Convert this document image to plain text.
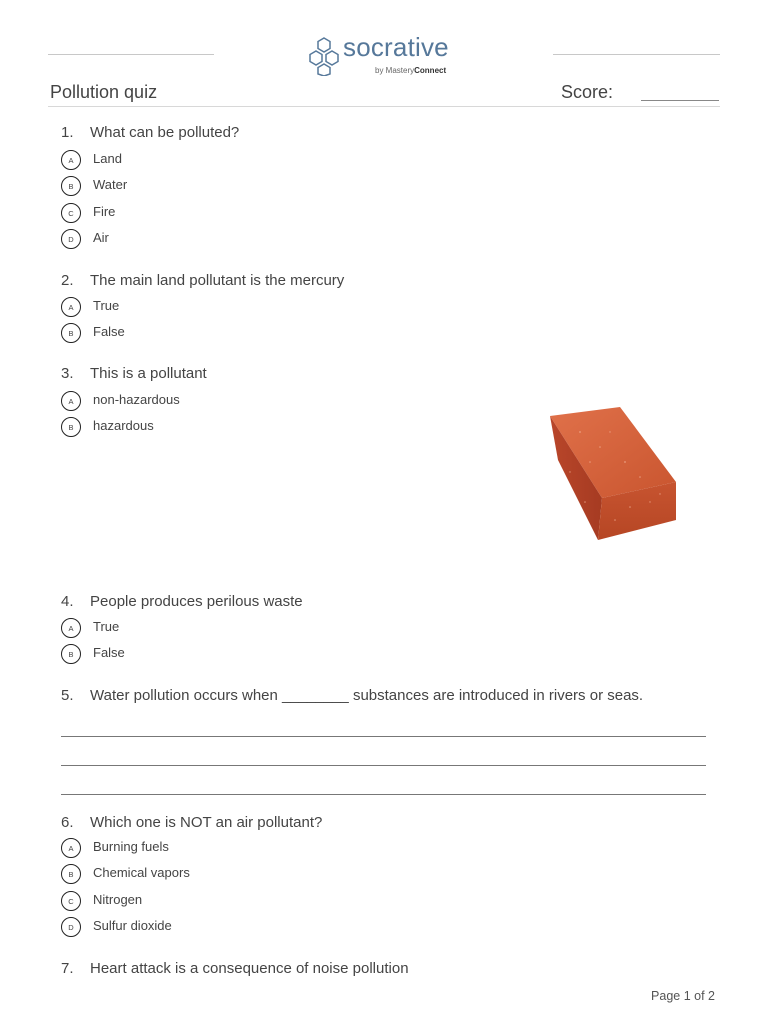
socrative
by MasteryConnect
Pollution quiz	Score:
1. What can be polluted?
A	Land
B	Water
C	Fire
D	Air
2. The main land pollutant is the mercury
A	True
B	False
3. This is a pollutant
A	non-hazardous
B	hazardous
4. People produces perilous waste
A	True
B	False
5. Water pollution occurs when ________ substances are introduced in rivers or seas.
6. Which one is NOT an air pollutant?
A	Burning fuels
B	Chemical vapors
C	Nitrogen
D	Sulfur dioxide
7. Heart attack is a consequence of noise pollution
Page 1 of 2
